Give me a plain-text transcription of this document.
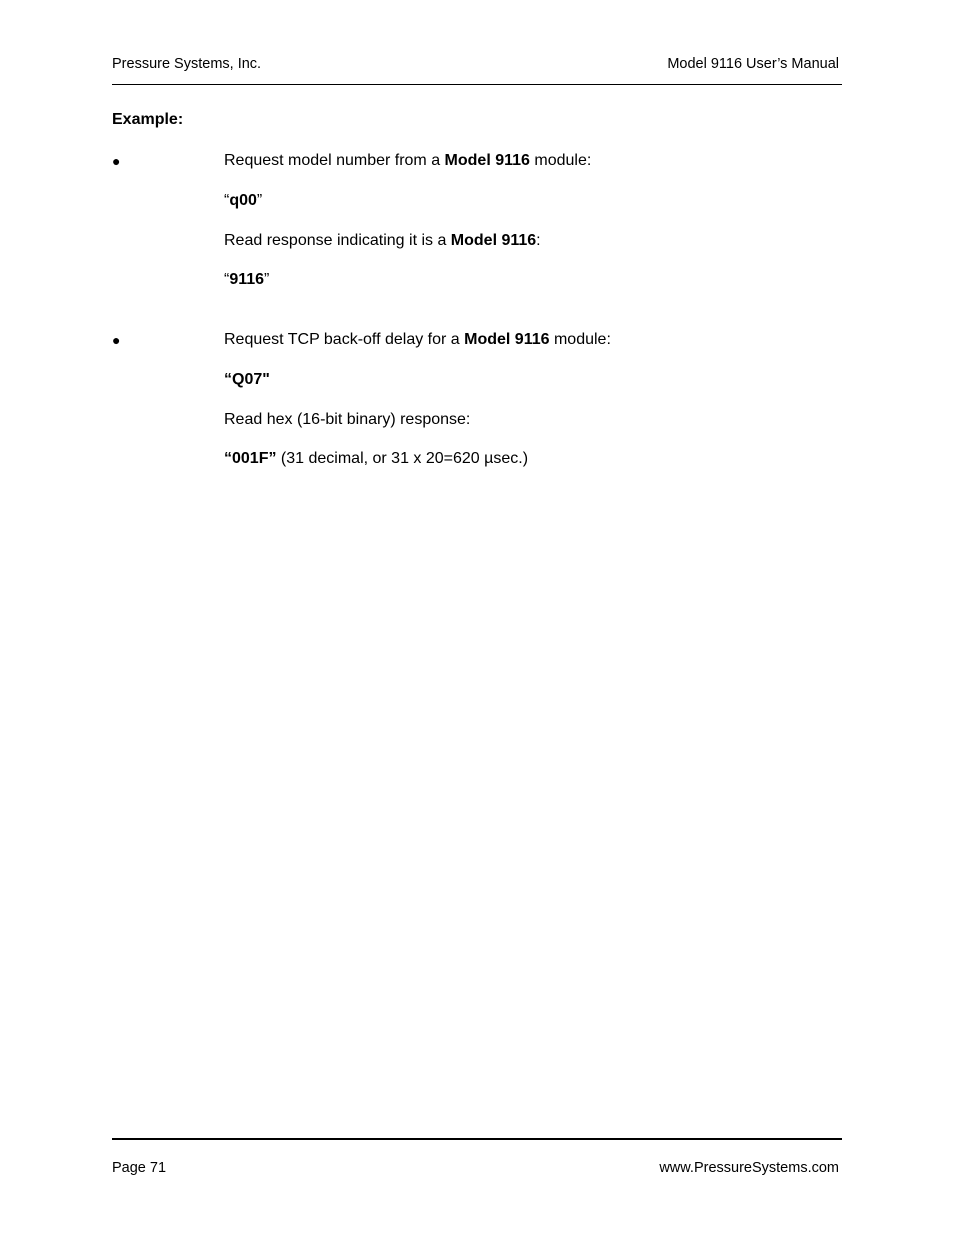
Pressure Systems, Inc.	Model 9116 User’s Manual
Example:
●	Request model number from a Model 9116 module:
“q00”
Read response indicating it is a Model 9116:
“9116”
●	Request TCP back-off delay for a Model 9116 module:
“Q07"
Read hex (16-bit binary) response:
“001F” (31 decimal, or 31 x 20=620 µsec.)
Page 71	www.PressureSystems.com
